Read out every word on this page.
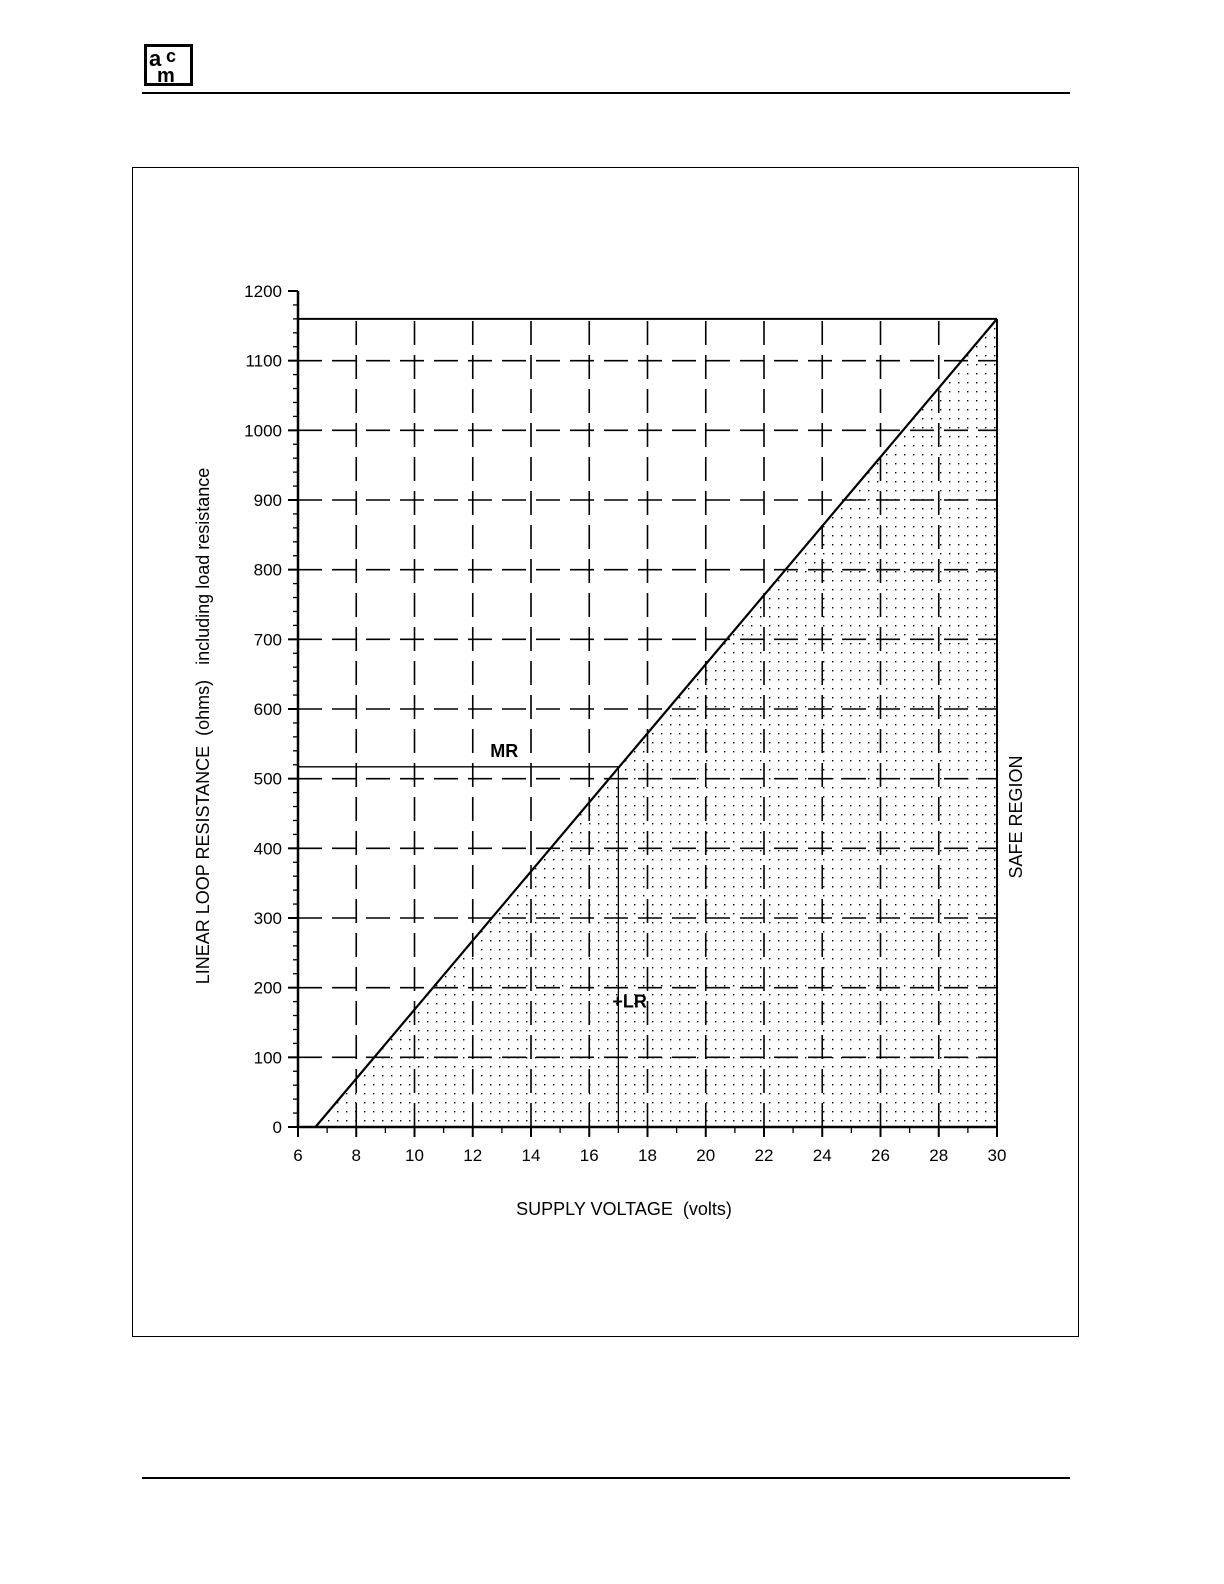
a c
m
0
100
200
300
400
500
600
700
800
900
1000
1100
1200
6	8	10 12 14 16 18 20 22 24 26 28 30
MR
+LR
SAFE REGION
SUPPLY VOLTAGE  (volts)
LINEAR LOOP RESISTANCE  (ohms)   including load resistance
